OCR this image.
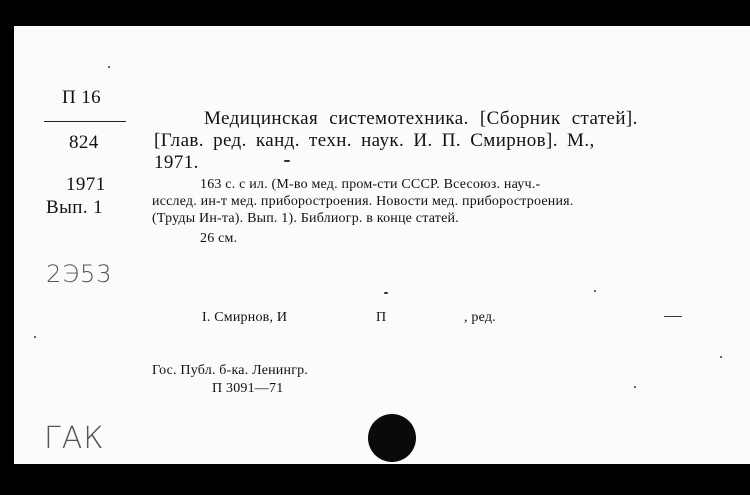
П 16
824
1971
Вып. 1
2Э53
ГАК
Медицинская системотехника. [Сборник статей].
[Глав. ред. канд. техн. наук. И. П. Смирнов]. М.,
1971.
163 с. с ил. (М-во мед. пром-сти СССР. Всесоюз. науч.-
исслед. ин-т мед. приборостроения. Новости мед. приборостроения.
(Труды Ин-та). Вып. 1). Библиогр. в конце статей.
26 см.
I. Смирнов, И	П	, ред.
Гос. Публ. б-ка. Ленингр.
П 3091—71
